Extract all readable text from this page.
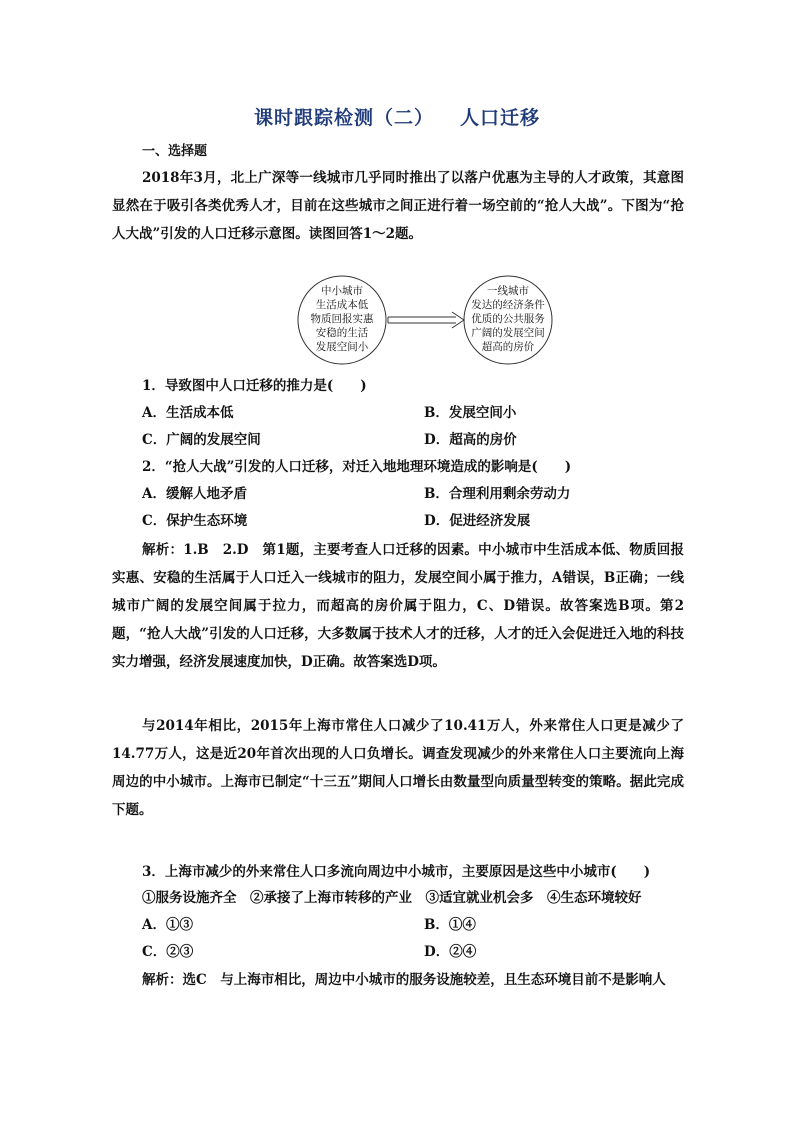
课时跟踪检测（二） 人口迁移
一、选择题
2018年3月，北上广深等一线城市几乎同时推出了以落户优惠为主导的人才政策，其意图显然在于吸引各类优秀人才，目前在这些城市之间正进行着一场空前的“抢人大战”。下图为“抢人大战”引发的人口迁移示意图。读图回答1～2题。
中小城市
生活成本低
物质回报实惠
安稳的生活
发展空间小
一线城市
发达的经济条件
优质的公共服务
广阔的发展空间
超高的房价
1．导致图中人口迁移的推力是(　　)
A．生活成本低	B．发展空间小
C．广阔的发展空间	D．超高的房价
2．“抢人大战”引发的人口迁移，对迁入地地理环境造成的影响是(　　)
A．缓解人地矛盾	B．合理利用剩余劳动力
C．保护生态环境	D．促进经济发展
解析：1.B　2.D　第1题，主要考查人口迁移的因素。中小城市中生活成本低、物质回报实惠、安稳的生活属于人口迁入一线城市的阻力，发展空间小属于推力，A错误，B正确；一线城市广阔的发展空间属于拉力，而超高的房价属于阻力，C、D错误。故答案选B项。第2题，“抢人大战”引发的人口迁移，大多数属于技术人才的迁移，人才的迁入会促进迁入地的科技实力增强，经济发展速度加快，D正确。故答案选D项。
与2014年相比，2015年上海市常住人口减少了10.41万人，外来常住人口更是减少了14.77万人，这是近20年首次出现的人口负增长。调查发现减少的外来常住人口主要流向上海周边的中小城市。上海市已制定“十三五”期间人口增长由数量型向质量型转变的策略。据此完成下题。
3．上海市减少的外来常住人口多流向周边中小城市，主要原因是这些中小城市(　　)
①服务设施齐全　②承接了上海市转移的产业　③适宜就业机会多　④生态环境较好
A．①③	B．①④
C．②③	D．②④
解析：选C　与上海市相比，周边中小城市的服务设施较差，且生态环境目前不是影响人
